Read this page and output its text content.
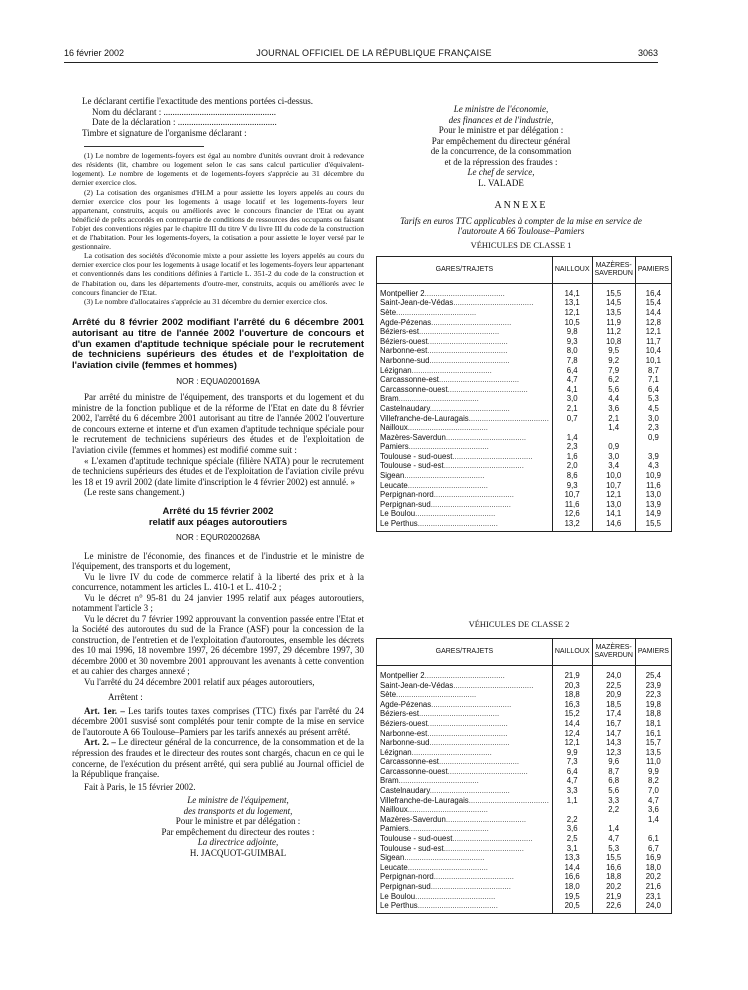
16 février 2002	JOURNAL OFFICIEL DE LA RÉPUBLIQUE FRANÇAISE	3063

Le déclarant certifie l'exactitude des mentions portées ci-dessus.

Nom du déclarant : ..................................................

Date de la déclaration : ............................................

Timbre et signature de l'organisme déclarant :

(1) Le nombre de logements-foyers est égal au nombre d'unités ouvrant droit à redevance des résidents (lit, chambre ou logement selon le cas sans calcul particulier d'équivalent-logement). Le nombre de logements et de logements-foyers s'apprécie au 31 décembre du dernier exercice clos.

(2) La cotisation des organismes d'HLM a pour assiette les loyers appelés au cours du dernier exercice clos pour les logements à usage locatif et les logements-foyers leur appartenant, construits, acquis ou améliorés avec le concours financier de l'Etat ou ayant bénéficié de prêts accordés en contrepartie de conditions de ressources des occupants ou faisant l'objet des conventions régies par le chapitre III du titre V du livre III du code de la construction et de l'habitation. Pour les logements-foyers, la cotisation a pour assiette le loyer versé par le gestionnaire.

La cotisation des sociétés d'économie mixte a pour assiette les loyers appelés au cours du dernier exercice clos pour les logements à usage locatif et les logements-foyers leur appartenant et conventionnés dans les conditions définies à l'article L. 351-2 du code de la construction et de l'habitation ou, dans les départements d'outre-mer, construits, acquis ou améliorés avec le concours financier de l'Etat.

(3) Le nombre d'allocataires s'apprécie au 31 décembre du dernier exercice clos.

Arrêté du 8 février 2002 modifiant l'arrêté du 6 décembre 2001 autorisant au titre de l'année 2002 l'ouverture de concours et d'un examen d'aptitude technique spéciale pour le recrutement de techniciens supérieurs des études et de l'exploitation de l'aviation civile (femmes et hommes)

NOR : EQUA0200169A

Par arrêté du ministre de l'équipement, des transports et du logement et du ministre de la fonction publique et de la réforme de l'Etat en date du 8 février 2002, l'arrêté du 6 décembre 2001 autorisant au titre de l'année 2002 l'ouverture de concours externe et interne et d'un examen d'aptitude technique spéciale pour le recrutement de techniciens supérieurs des études et de l'exploitation de l'aviation civile (femmes et hommes) est modifié comme suit :

« L'examen d'aptitude technique spéciale (filière NATA) pour le recrutement de techniciens supérieurs des études et de l'exploitation de l'aviation civile prévu les 18 et 19 avril 2002 (date limite d'inscription le 4 février 2002) est annulé. »

(Le reste sans changement.)

Arrêté du 15 février 2002
relatif aux péages autoroutiers

NOR : EQUR0200268A

Le ministre de l'économie, des finances et de l'industrie et le ministre de l'équipement, des transports et du logement,

Vu le livre IV du code de commerce relatif à la liberté des prix et à la concurrence, notamment les articles L. 410-1 et L. 410-2 ;

Vu le décret n° 95-81 du 24 janvier 1995 relatif aux péages autoroutiers, notamment l'article 3 ;

Vu le décret du 7 février 1992 approuvant la convention passée entre l'Etat et la Société des autoroutes du sud de la France (ASF) pour la concession de la construction, de l'entretien et de l'exploitation d'autoroutes, ensemble les décrets des 10 mai 1996, 18 novembre 1997, 26 décembre 1997, 29 décembre 1997, 30 décembre 2000 et 30 novembre 2001 approuvant les avenants à cette convention et au cahier des charges annexé ;

Vu l'arrêté du 24 décembre 2001 relatif aux péages autoroutiers,

Arrêtent :

Art. 1er. – Les tarifs toutes taxes comprises (TTC) fixés par l'arrêté du 24 décembre 2001 susvisé sont complétés pour tenir compte de la mise en service de l'autoroute A 66 Toulouse–Pamiers par les tarifs annexés au présent arrêté.

Art. 2. – Le directeur général de la concurrence, de la consommation et de la répression des fraudes et le directeur des routes sont chargés, chacun en ce qui le concerne, de l'exécution du présent arrêté, qui sera publié au Journal officiel de la République française.

Fait à Paris, le 15 février 2002.

Le ministre de l'équipement,

des transports et du logement,

Pour le ministre et par délégation :

Par empêchement du directeur des routes :

La directrice adjointe,

H. JACQUOT-GUIMBAL

Le ministre de l'économie,

des finances et de l'industrie,

Pour le ministre et par délégation :

Par empêchement du directeur général

de la concurrence, de la consommation

et de la répression des fraudes :

Le chef de service,

L. VALADE

ANNEXE

Tarifs en euros TTC applicables à compter de la mise en service de l'autoroute A 66 Toulouse–Pamiers

VÉHICULES DE CLASSE 1

GARES/TRAJETS	NAILLOUX	MAZÈRES-SAVERDUN	PAMIERS
Montpellier 2.....................................	14,1	15,5	16,4
Saint-Jean-de-Védas.....................................	13,1	14,5	15,4
Sète.....................................	12,1	13,5	14,4
Agde-Pézenas.....................................	10,5	11,9	12,8
Béziers-est.....................................	9,8	11,2	12,1
Béziers-ouest.....................................	9,3	10,8	11,7
Narbonne-est.....................................	8,0	9,5	10,4
Narbonne-sud.....................................	7,8	9,2	10,1
Lézignan.....................................	6,4	7,9	8,7
Carcassonne-est.....................................	4,7	6,2	7,1
Carcassonne-ouest.....................................	4,1	5,6	6,4
Bram.....................................	3,0	4,4	5,3
Castelnaudary.....................................	2,1	3,6	4,5
Villefranche-de-Lauragais.....................................	0,7	2,1	3,0
Nailloux.....................................		1,4	2,3
Mazères-Saverdun.....................................	1,4		0,9
Pamiers.....................................	2,3	0,9	
Toulouse - sud-ouest.....................................	1,6	3,0	3,9
Toulouse - sud-est.....................................	2,0	3,4	4,3
Sigean.....................................	8,6	10,0	10,9
Leucate.....................................	9,3	10,7	11,6
Perpignan-nord.....................................	10,7	12,1	13,0
Perpignan-sud.....................................	11,6	13,0	13,9
Le Boulou.....................................	12,6	14,1	14,9
Le Perthus.....................................	13,2	14,6	15,5

VÉHICULES DE CLASSE 2

GARES/TRAJETS	NAILLOUX	MAZÈRES-SAVERDUN	PAMIERS
Montpellier 2.....................................	21,9	24,0	25,4
Saint-Jean-de-Védas.....................................	20,3	22,5	23,9
Sète.....................................	18,8	20,9	22,3
Agde-Pézenas.....................................	16,3	18,5	19,8
Béziers-est.....................................	15,2	17,4	18,8
Béziers-ouest.....................................	14,4	16,7	18,1
Narbonne-est.....................................	12,4	14,7	16,1
Narbonne-sud.....................................	12,1	14,3	15,7
Lézignan.....................................	9,9	12,3	13,5
Carcassonne-est.....................................	7,3	9,6	11,0
Carcassonne-ouest.....................................	6,4	8,7	9,9
Bram.....................................	4,7	6,8	8,2
Castelnaudary.....................................	3,3	5,6	7,0
Villefranche-de-Lauragais.....................................	1,1	3,3	4,7
Nailloux.....................................		2,2	3,6
Mazères-Saverdun.....................................	2,2		1,4
Pamiers.....................................	3,6	1,4	
Toulouse - sud-ouest.....................................	2,5	4,7	6,1
Toulouse - sud-est.....................................	3,1	5,3	6,7
Sigean.....................................	13,3	15,5	16,9
Leucate.....................................	14,4	16,6	18,0
Perpignan-nord.....................................	16,6	18,8	20,2
Perpignan-sud.....................................	18,0	20,2	21,6
Le Boulou.....................................	19,5	21,9	23,1
Le Perthus.....................................	20,5	22,6	24,0
